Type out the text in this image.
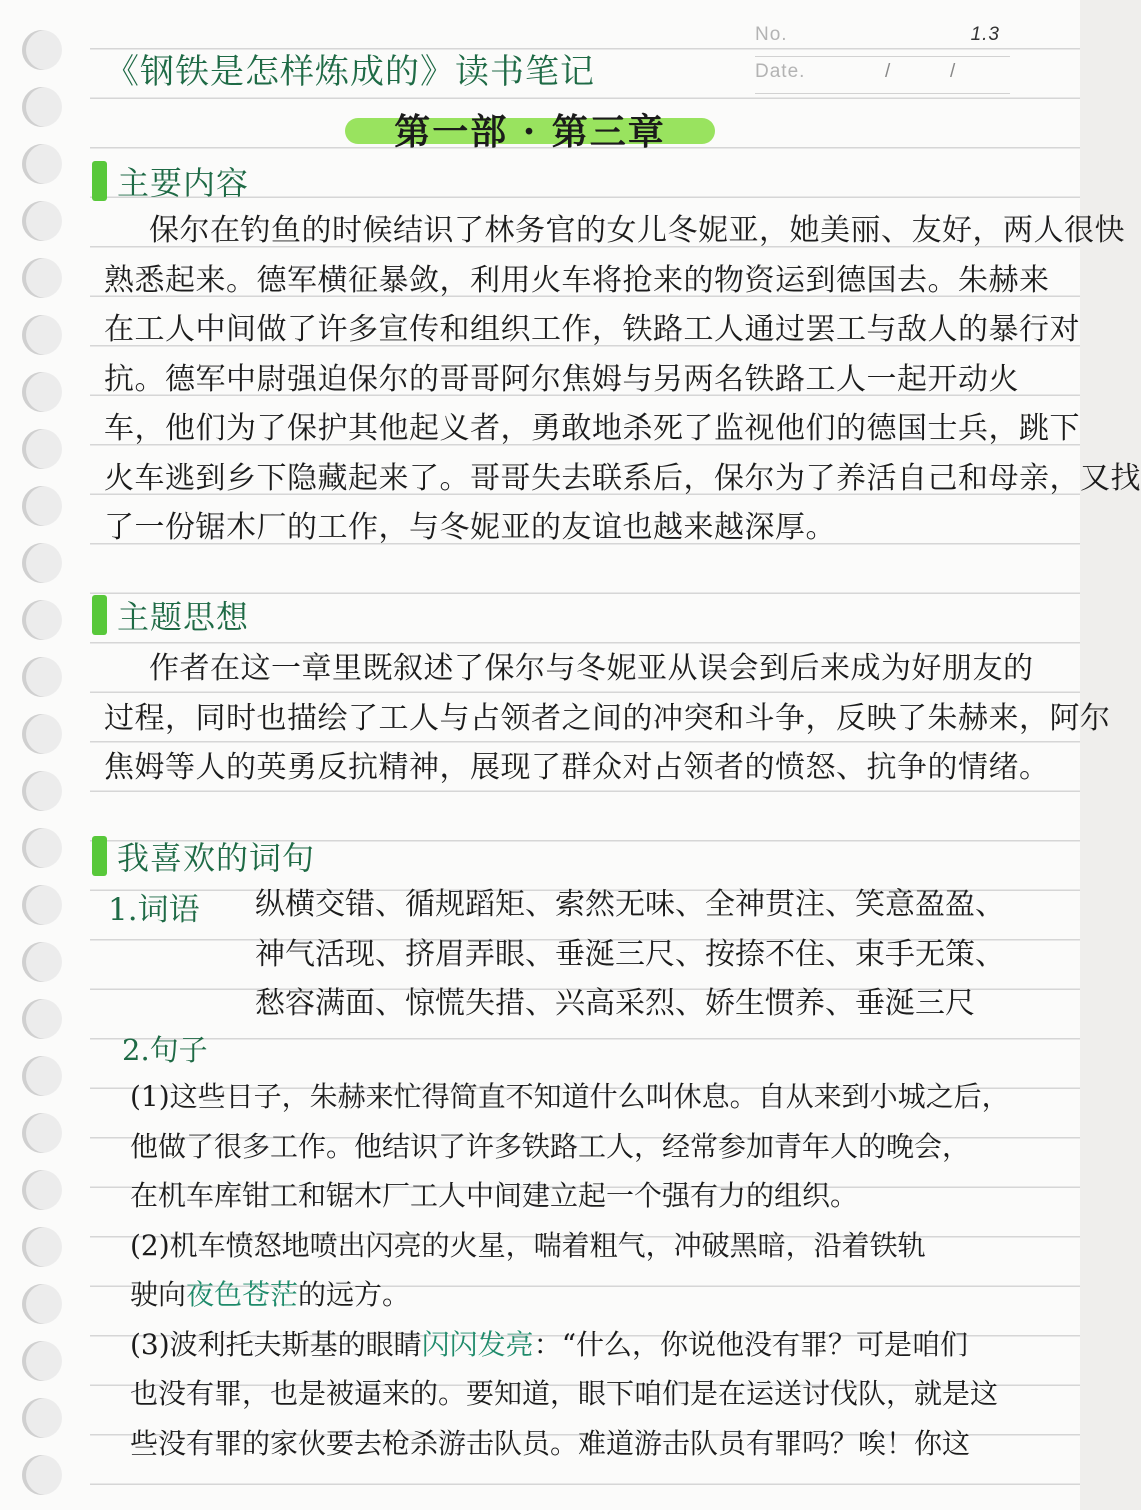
No.	1.3
Date.	/	/
《钢铁是怎样炼成的》读书笔记
第一部 · 第三章
主要内容
保尔在钓鱼的时候结识了林务官的女儿冬妮亚，她美丽、友好，两人很快
熟悉起来。德军横征暴敛，利用火车将抢来的物资运到德国去。朱赫来
在工人中间做了许多宣传和组织工作，铁路工人通过罢工与敌人的暴行对
抗。德军中尉强迫保尔的哥哥阿尔焦姆与另两名铁路工人一起开动火
车，他们为了保护其他起义者，勇敢地杀死了监视他们的德国士兵，跳下
火车逃到乡下隐藏起来了。哥哥失去联系后，保尔为了养活自己和母亲，又找
了一份锯木厂的工作，与冬妮亚的友谊也越来越深厚。
主题思想
作者在这一章里既叙述了保尔与冬妮亚从误会到后来成为好朋友的
过程，同时也描绘了工人与占领者之间的冲突和斗争，反映了朱赫来，阿尔
焦姆等人的英勇反抗精神，展现了群众对占领者的愤怒、抗争的情绪。
我喜欢的词句
1.词语 纵横交错、循规蹈矩、索然无味、全神贯注、笑意盈盈、
神气活现、挤眉弄眼、垂涎三尺、按捺不住、束手无策、
愁容满面、惊慌失措、兴高采烈、娇生惯养、垂涎三尺
2.句子
(1)这些日子，朱赫来忙得简直不知道什么叫休息。自从来到小城之后，
他做了很多工作。他结识了许多铁路工人，经常参加青年人的晚会，
在机车库钳工和锯木厂工人中间建立起一个强有力的组织。
(2)机车愤怒地喷出闪亮的火星，喘着粗气，冲破黑暗，沿着铁轨
驶向夜色苍茫的远方。
(3)波利托夫斯基的眼睛闪闪发亮：“什么，你说他没有罪？可是咱们
也没有罪，也是被逼来的。要知道，眼下咱们是在运送讨伐队，就是这
些没有罪的家伙要去枪杀游击队员。难道游击队员有罪吗？唉！你这
